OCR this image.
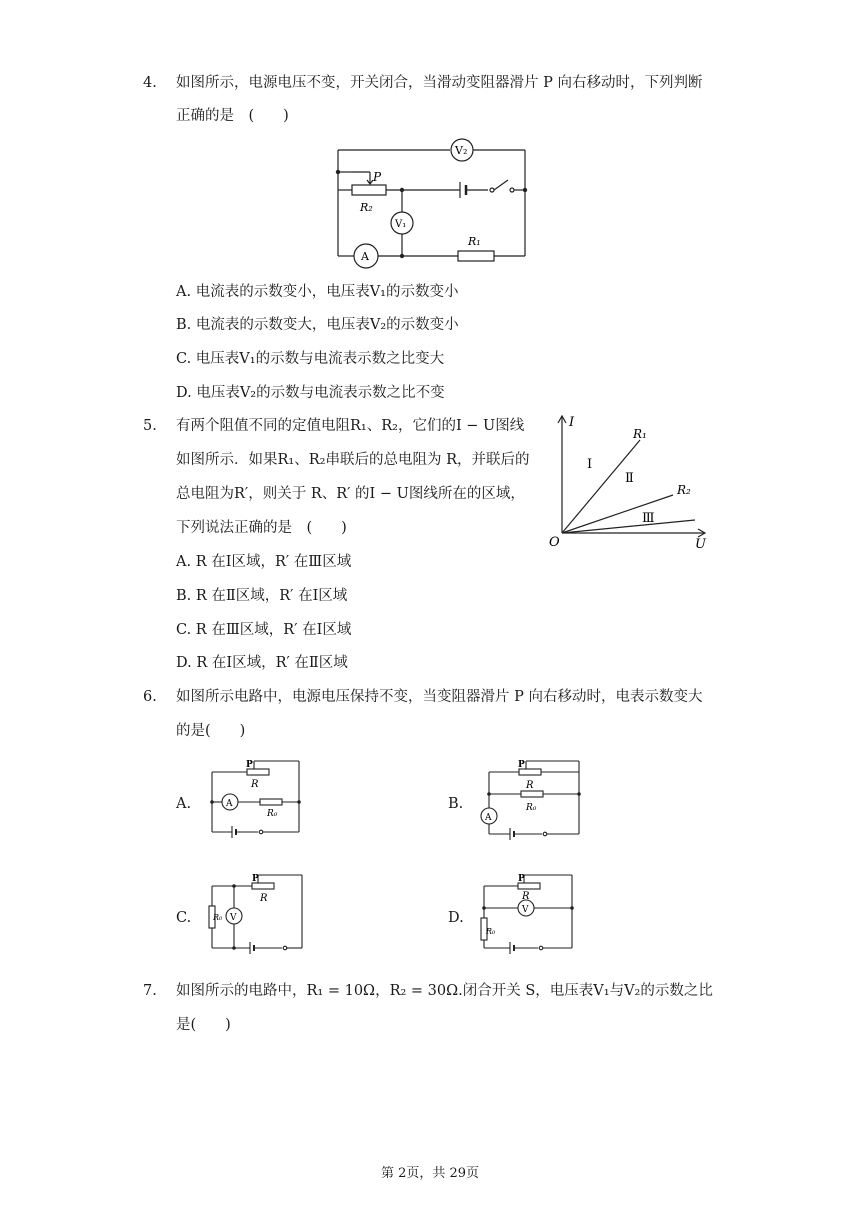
4. 如图所示，电源电压不变，开关闭合，当滑动变阻器滑片 P 向右移动时，下列判断
正确的是　(　　)
V₂
V₁
A
P
R₂
R₁
A. 电流表的示数变小，电压表V₁的示数变小
B. 电流表的示数变大，电压表V₂的示数变小
C. 电压表V₁的示数与电流表示数之比变大
D. 电压表V₂的示数与电流表示数之比不变
5. 有两个阻值不同的定值电阻R₁、R₂，它们的I − U图线
如图所示．如果R₁、R₂串联后的总电阻为 R，并联后的
总电阻为R′，则关于 R、R′ 的I − U图线所在的区域，
下列说法正确的是　(　　)
I
U
O
R₁
R₂
Ⅰ
Ⅱ
Ⅲ
A. R 在Ⅰ区域，R′ 在Ⅲ区域
B. R 在Ⅱ区域，R′ 在Ⅰ区域
C. R 在Ⅲ区域，R′ 在Ⅰ区域
D. R 在Ⅰ区域，R′ 在Ⅱ区域
6. 如图所示电路中，电源电压保持不变，当变阻器滑片 P 向右移动时，电表示数变大
的是(　　)
A.
P
R
R₀
A	B.
P
R
R₀
A
C.
P
R
R₀ V	D.
P
R
R₀
V
7. 如图所示的电路中，R₁ = 10Ω，R₂ = 30Ω.闭合开关 S，电压表V₁与V₂的示数之比
是(　　)
第 2页，共 29页
